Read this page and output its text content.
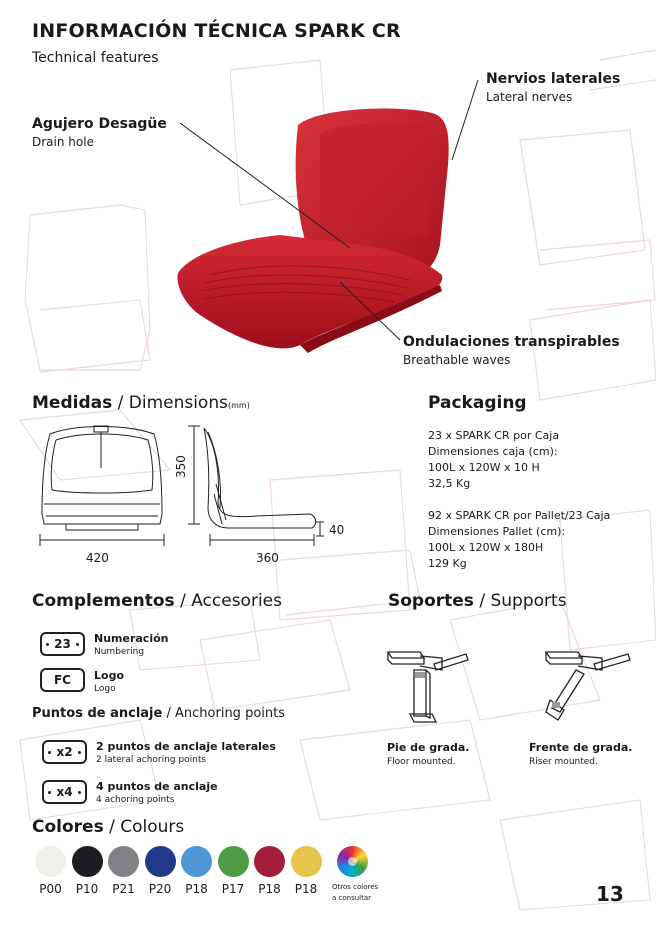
INFORMACIÓN TÉCNICA SPARK CR
Technical features
Agujero Desagüe
Drain hole
Nervios laterales
Lateral nerves
Ondulaciones transpirables
Breathable waves
Medidas / Dimensions(mm)
420
350
360
40
Packaging
23 x SPARK CR por Caja
Dimensiones caja (cm):
100L x 120W x 10 H
32,5 Kg
92 x SPARK CR por Pallet/23 Caja
Dimensiones Pallet (cm):
100L x 120W x 180H
129 Kg
Complementos / Accesories
23 Numeración
Numbering
FC Logo
Logo
Puntos de anclaje / Anchoring points
x2 2 puntos de anclaje laterales
2 lateral achoring points
x4 4 puntos de anclaje
4 achoring points
Soportes / Supports
Pie de grada.
Floor mounted.
Frente de grada.
Riser mounted.
Colores / Colours
P00	P10	P21	P20	P18	P17	P18	P18	Otros colores
a consultar	13
